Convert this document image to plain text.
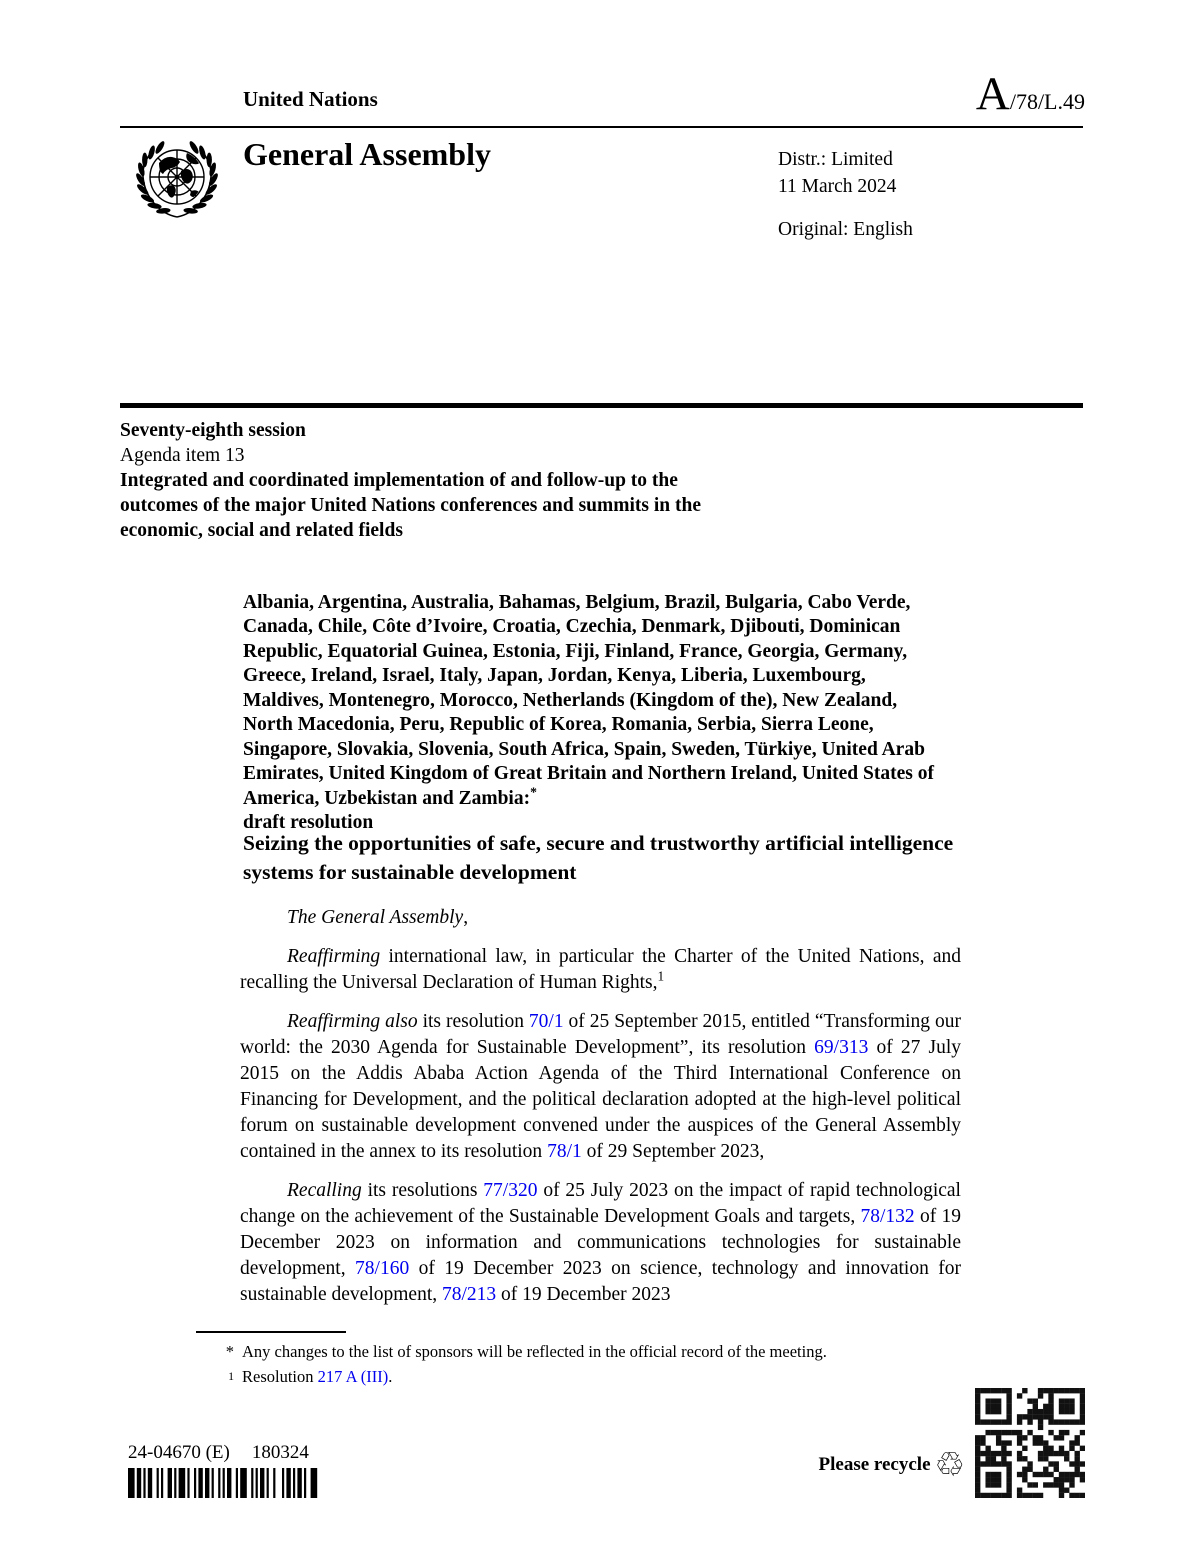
United Nations	A/78/L.49
General Assembly	Distr.: Limited
11 March 2024
Original: English
Seventy-eighth session
Agenda item 13
Integrated and coordinated implementation of and follow-up to the outcomes of the major United Nations conferences and summits in the economic, social and related fields

Albania, Argentina, Australia, Bahamas, Belgium, Brazil, Bulgaria, Cabo Verde, Canada, Chile, Côte d’Ivoire, Croatia, Czechia, Denmark, Djibouti, Dominican Republic, Equatorial Guinea, Estonia, Fiji, Finland, France, Georgia, Germany, Greece, Ireland, Israel, Italy, Japan, Jordan, Kenya, Liberia, Luxembourg, Maldives, Montenegro, Morocco, Netherlands (Kingdom of the), New Zealand, North Macedonia, Peru, Republic of Korea, Romania, Serbia, Sierra Leone, Singapore, Slovakia, Slovenia, South Africa, Spain, Sweden, Türkiye, United Arab Emirates, United Kingdom of Great Britain and Northern Ireland, United States of America, Uzbekistan and Zambia:*
draft resolution

Seizing the opportunities of safe, secure and trustworthy artificial intelligence systems for sustainable development

The General Assembly,

Reaffirming international law, in particular the Charter of the United Nations, and recalling the Universal Declaration of Human Rights,$^1$

Reaffirming also its resolution 70/1 of 25 September 2015, entitled “Transforming our world: the 2030 Agenda for Sustainable Development”, its resolution 69/313 of 27 July 2015 on the Addis Ababa Action Agenda of the Third International Conference on Financing for Development, and the political declaration adopted at the high-level political forum on sustainable development convened under the auspices of the General Assembly contained in the annex to its resolution 78/1 of 29 September 2023,

Recalling its resolutions 77/320 of 25 July 2023 on the impact of rapid technological change on the achievement of the Sustainable Development Goals and targets, 78/132 of 19 December 2023 on information and communications technologies for sustainable development, 78/160 of 19 December 2023 on science, technology and innovation for sustainable development, 78/213 of 19 December 2023

* Any changes to the list of sponsors will be reflected in the official record of the meeting.
1 Resolution 217 A (III).
24-04670 (E) 180324
Please recycle ♲
